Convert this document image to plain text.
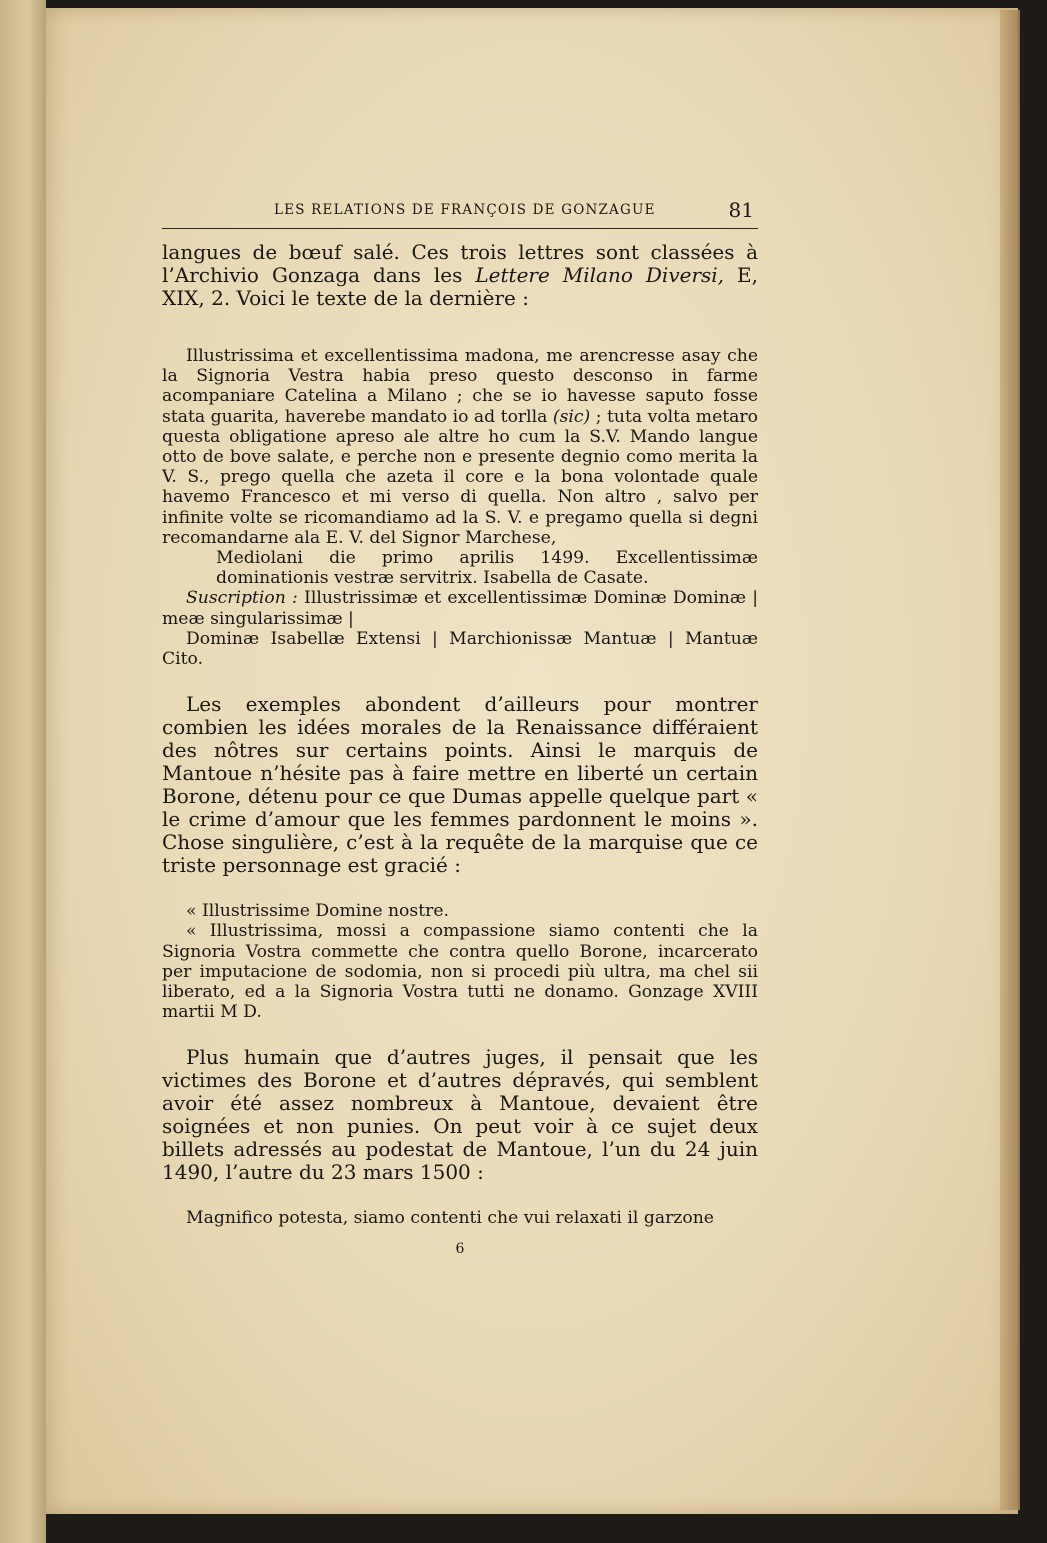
LES RELATIONS DE FRANÇOIS DE GONZAGUE	81

langues de bœuf salé. Ces trois lettres sont classées à l’Archivio Gonzaga dans les Lettere Milano Diversi, E, XIX, 2. Voici le texte de la dernière :

Illustrissima et excellentissima madona, me arencresse asay che la Signoria Vestra habia preso questo desconso in farme acompaniare Catelina a Milano ; che se io havesse saputo fosse stata guarita, haverebe mandato io ad torlla (sic) ; tuta volta metaro questa obligatione apreso ale altre ho cum la S.V. Mando langue otto de bove salate, e perche non e presente degnio como merita la V. S., prego quella che azeta il core e la bona volontade quale havemo Francesco et mi verso di quella. Non altro , salvo per infinite volte se ricomandiamo ad la S. V. e pregamo quella si degni recomandarne ala E. V. del Signor Marchese,

Mediolani die primo aprilis 1499. Excellentissimæ dominationis vestræ servitrix. Isabella de Casate.

Suscription : Illustrissimæ et excellentissimæ Dominæ Dominæ | meæ singularissimæ |

Dominæ Isabellæ Extensi | Marchionissæ Mantuæ | Mantuæ Cito.

Les exemples abondent d’ailleurs pour montrer combien les idées morales de la Renaissance différaient des nôtres sur certains points. Ainsi le marquis de Mantoue n’hésite pas à faire mettre en liberté un certain Borone, détenu pour ce que Dumas appelle quelque part « le crime d’amour que les femmes pardonnent le moins ». Chose singulière, c’est à la requête de la marquise que ce triste personnage est gracié :

« Illustrissime Domine nostre.

« Illustrissima, mossi a compassione siamo contenti che la Signoria Vostra commette che contra quello Borone, incarcerato per imputacione de sodomia, non si procedi più ultra, ma chel sii liberato, ed a la Signoria Vostra tutti ne donamo. Gonzage XVIII martii M D.

Plus humain que d’autres juges, il pensait que les victimes des Borone et d’autres dépravés, qui semblent avoir été assez nombreux à Mantoue, devaient être soignées et non punies. On peut voir à ce sujet deux billets adressés au podestat de Mantoue, l’un du 24 juin 1490, l’autre du 23 mars 1500 :

Magnifico potesta, siamo contenti che vui relaxati il garzone

6
